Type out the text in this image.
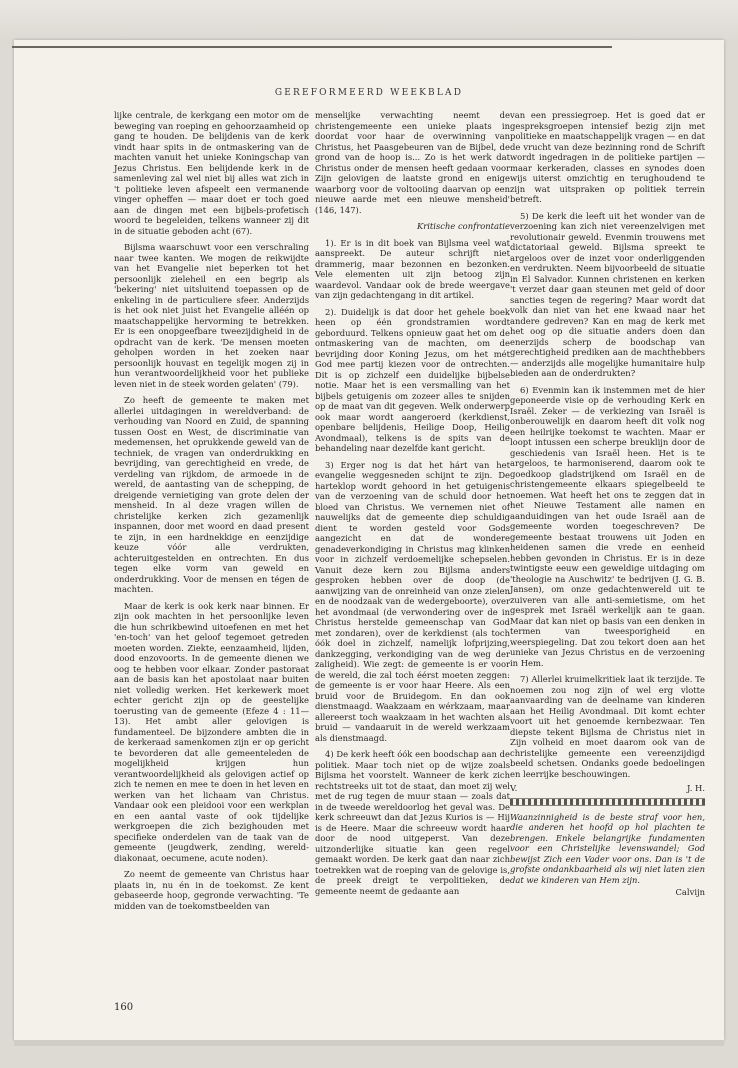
GEREFORMEERD WEEKBLAD

lijke centrale, de kerkgang een motor om de beweging van roeping en gehoorzaamheid op gang te houden. De belijdenis van de kerk vindt haar spits in de ontmaskering van de machten vanuit het unieke Koningschap van Jezus Christus. Een belijdende kerk in de samenleving zal wel niet bij alles wat zich in 't politieke leven afspeelt een vermanende vinger opheffen — maar doet er toch goed aan de dingen met een bijbels-profetisch woord te begeleiden, telkens wanneer zij dit in de situatie geboden acht (67).

Bijlsma waarschuwt voor een verschraling naar twee kanten. We mogen de reikwijdte van het Evangelie niet beperken tot het persoonlijk zieleheil en een begrip als 'bekering' niet uitsluitend toepassen op de enkeling in de particuliere sfeer. Anderzijds is het ook niet juist het Evangelie alléén op maatschappelijke hervorming te betrekken. Er is een onopgeefbare tweezijdigheid in de opdracht van de kerk. 'De mensen moeten geholpen worden in het zoeken naar persoonlijk houvast en tegelijk mogen zij in hun verantwoordelijkheid voor het publieke leven niet in de steek worden gelaten' (79).

Zo heeft de gemeente te maken met allerlei uitdagingen in wereldverband: de verhouding van Noord en Zuid, de spanning tussen Oost en West, de discriminatie van medemensen, het oprukkende geweld van de techniek, de vragen van onderdrukking en bevrijding, van gerechtigheid en vrede, de verdeling van rijkdom, de armoede in de wereld, de aantasting van de schepping, de dreigende vernietiging van grote delen der mensheid. In al deze vragen willen de christelijke kerken zich gezamenlijk inspannen, door met woord en daad present te zijn, in een hardnekkige en eenzijdige keuze vóór alle verdrukten, achteruitgestelden en ontrechten. En dus tegen elke vorm van geweld en onderdrukking. Voor de mensen en tégen de machten.

Maar de kerk is ook kerk naar binnen. Er zijn ook machten in het persoonlijke leven die hun schrikbewind uitoefenen en met het 'en-toch' van het geloof tegemoet getreden moeten worden. Ziekte, eenzaamheid, lijden, dood enzovoorts. In de gemeente dienen we oog te hebben voor elkaar. Zonder pastoraat aan de basis kan het apostolaat naar buiten niet volledig werken. Het kerkewerk moet echter gericht zijn op de geestelijke toerusting van de gemeente (Efeze 4 : 11—13). Het ambt aller gelovigen is fundamenteel. De bijzondere ambten die in de kerkeraad samenkomen zijn er op gericht te bevorderen dat alle gemeenteleden de mogelijkheid krijgen hun verantwoordelijkheid als gelovigen actief op zich te nemen en mee te doen in het leven en werken van het lichaam van Christus. Vandaar ook een pleidooi voor een werkplan en een aantal vaste of ook tijdelijke werkgroepen die zich bezighouden met specifieke onderdelen van de taak van de gemeente (jeugdwerk, zending, werelddiakonaat, oecumene, acute noden).

Zo neemt de gemeente van Christus haar plaats in, nu én in de toekomst. Ze kent gebaseerde hoop, gegronde verwachting. 'Te midden van de toekomstbeelden van

menselijke verwachting neemt de christengemeente een unieke plaats in doordat voor haar de overwinning van Christus, het Paasgebeuren van de Bijbel, de grond van de hoop is... Zo is het werk dat Christus onder de mensen heeft gedaan voor Zijn gelovigen de laatste grond en enige waarborg voor de voltooiing daarvan op een nieuwe aarde met een nieuwe mensheid' (146, 147).

Kritische confrontatie

1). Er is in dit boek van Bijlsma veel wat aanspreekt. De auteur schrijft niet drammerig, maar bezonnen en bezonken. Vele elementen uit zijn betoog zijn waardevol. Vandaar ook de brede weergave van zijn gedachtengang in dit artikel.

2). Duidelijk is dat door het gehele boek heen op één grondstramien wordt geborduurd. Telkens opnieuw gaat het om de ontmaskering van de machten, om de bevrijding door Koning Jezus, om het mét God mee partij kiezen voor de ontrechten. Dit is op zichzelf een duidelijke bijbelse notie. Maar het is een versmalling van het bijbels getuigenis om zozeer alles te snijden op de maat van dit gegeven. Welk onderwerp ook maar wordt aangeroerd (kerkdienst, openbare belijdenis, Heilige Doop, Heilig Avondmaal), telkens is de spits van de behandeling naar dezelfde kant gericht.

3) Erger nog is dat het hárt van het evangelie weggesneden schijnt te zijn. De harteklop wordt gehoord in het getuigenis van de verzoening van de schuld door het bloed van Christus. We vernemen niet of nauwelijks dat de gemeente diep schuldig dient te worden gesteld voor Gods aangezicht en dat de wondere genadeverkondiging in Christus mag klinken voor in zichzelf verdoemelijke schepselen. Vanuit deze kern zou Bijlsma anders gesproken hebben over de doop (de aanwijzing van de onreinheid van onze zielen en de noodzaak van de wedergeboorte), over het avondmaal (de verwondering over de in Christus herstelde gemeenschap van God met zondaren), over de kerkdienst (als toch óók doel in zichzelf, namelijk lofprijzing, dankzegging, verkondiging van de weg der zaligheid). Wie zegt: de gemeente is er voor de wereld, die zal toch éérst moeten zeggen: de gemeente is er voor haar Heere. Als een bruid voor de Bruidegom. En dan ook dienstmaagd. Waakzaam en wérkzaam, maar allereerst toch waakzaam in het wachten als bruid — vandaaruit in de wereld werkzaam als dienstmaagd.

4) De kerk heeft óók een boodschap aan de politiek. Maar toch niet op de wijze zoals Bijlsma het voorstelt. Wanneer de kerk zich rechtstreeks uit tot de staat, dan moet zij wel met de rug tegen de muur staan — zoals dat in de tweede wereldoorlog het geval was. De kerk schreeuwt dan dat Jezus Kurios is — Hij is de Heere. Maar die schreeuw wordt haar door de nood uitgeperst. Van deze uitzonderlijke situatie kan geen regel gemaakt worden. De kerk gaat dan naar zich toetrekken wat de roeping van de gelovige is, de preek dreigt te verpolitieken, de gemeente neemt de gedaante aan

van een pressiegroep. Het is goed dat er gespreksgroepen intensief bezig zijn met politieke en maatschappelijk vragen — en dat de vrucht van deze bezinning rond de Schrift wordt ingedragen in de politieke partijen — maar kerkeraden, classes en synodes doen wijs uiterst omzichtig en terughoudend te zijn wat uitspraken op politiek terrein betreft.

5) De kerk die leeft uit het wonder van de verzoening kan zich niet vereenzelvigen met revolutionair geweld. Evenmin trouwens met dictatoriaal geweld. Bijlsma spreekt te argeloos over de inzet voor onderliggenden en verdrukten. Neem bijvoorbeeld de situatie in El Salvador. Kunnen christenen en kerken 't verzet daar gaan steunen met geld of door sancties tegen de regering? Maar wordt dat volk dan niet van het ene kwaad naar het andere gedreven? Kan en mag de kerk met het oog op die situatie anders doen dan enerzijds scherp de boodschap van gerechtigheid prediken aan de machthebbers — anderzijds alle mogelijke humanitaire hulp bieden aan de onderdrukten?

6) Evenmin kan ik instemmen met de hier geponeerde visie op de verhouding Kerk en Israël. Zeker — de verkiezing van Israël is onberouwelijk en daarom heeft dit volk nog een heilrijke toekomst te wachten. Maar er loopt intussen een scherpe breuklijn door de geschiedenis van Israël heen. Het is te argeloos, te harmoniserend, daarom ook te goedkoop gladstrijkend om Israël en de christengemeente elkaars spiegelbeeld te noemen. Wat heeft het ons te zeggen dat in het Nieuwe Testament alle namen en aanduidingen van het oude Israël aan de gemeente worden toegeschreven? De gemeente bestaat trouwens uit Joden en heidenen samen die vrede en eenheid hebben gevonden in Christus. Er is in deze twintigste eeuw een geweldige uitdaging om 'theologie na Auschwitz' te bedrijven (J. G. B. Jansen), om onze gedachtenwereld uit te zuiveren van alle anti-semietisme, om het gesprek met Israël werkelijk aan te gaan. Maar dat kan niet op basis van een denken in termen van tweesporigheid en weerspiegeling. Dat zou tekort doen aan het unieke van Jezus Christus en de verzoening in Hem.

7) Allerlei kruimelkritiek laat ik terzijde. Te noemen zou nog zijn of wel erg vlotte aanvaarding van de deelname van kinderen aan het Heilig Avondmaal. Dit komt echter voort uit het genoemde kernbezwaar. Ten diepste tekent Bijlsma de Christus niet in Zijn volheid en moet daarom ook van de christelijke gemeente een vereenzijdigd beeld schetsen. Ondanks goede bedoelingen en leerrijke beschouwingen.

V.	J. H.

Waanzinnigheid is de beste straf voor hen, die anderen het hoofd op hol plachten te brengen. Enkele belangrijke fundamenten voor een Christelijke levenswandel; God bewijst Zich een Vader voor ons. Dan is 't de grofste ondankbaarheid als wij niet laten zien dat we kinderen van Hem zijn.

Calvijn
160
